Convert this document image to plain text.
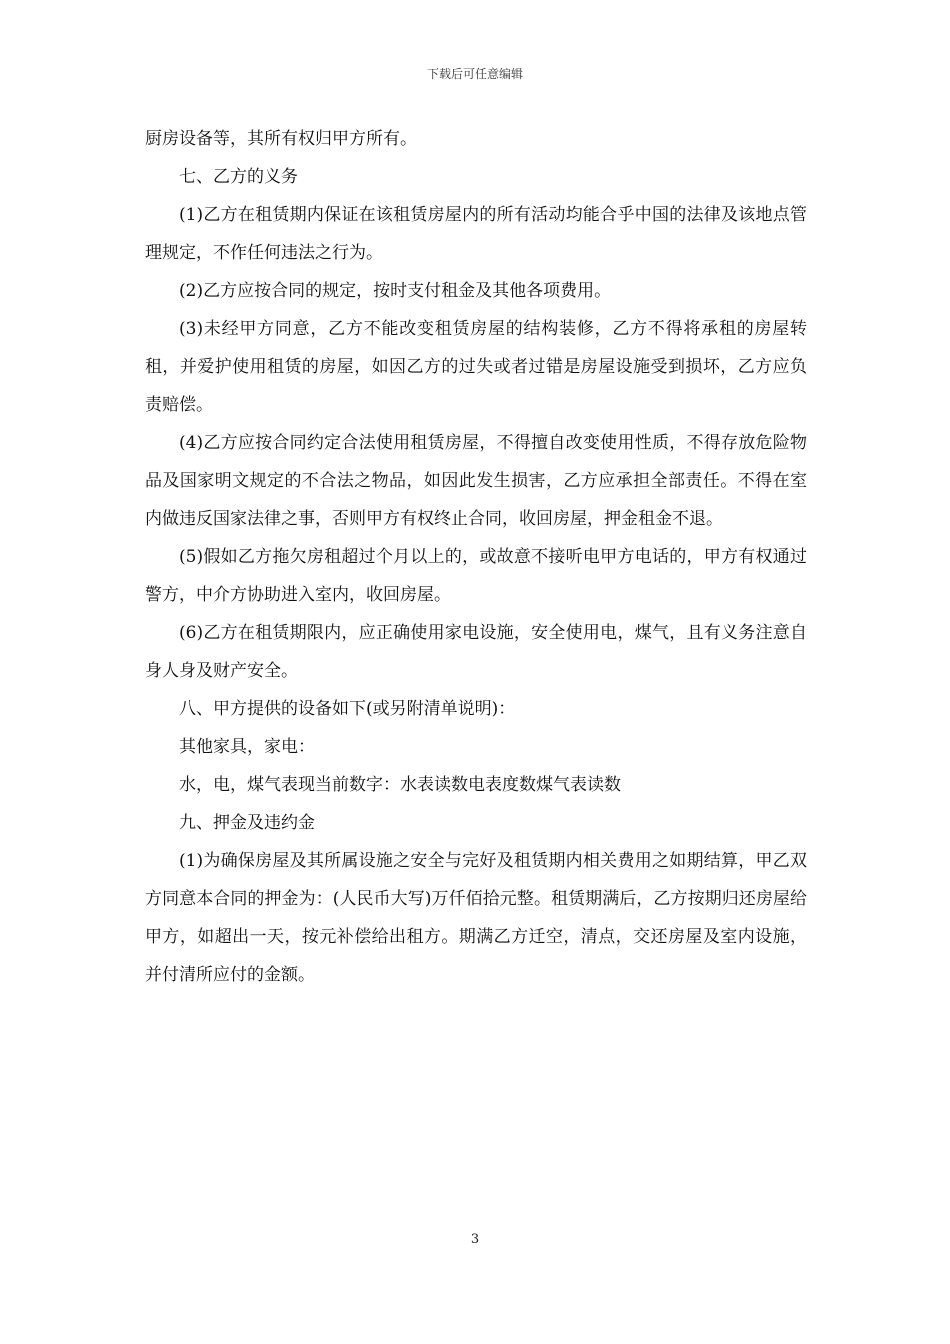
下载后可任意编辑

厨房设备等，其所有权归甲方所有。

七、乙方的义务

(1)乙方在租赁期内保证在该租赁房屋内的所有活动均能合乎中国的法律及该地点管理规定，不作任何违法之行为。

(2)乙方应按合同的规定，按时支付租金及其他各项费用。

(3)未经甲方同意，乙方不能改变租赁房屋的结构装修，乙方不得将承租的房屋转租，并爱护使用租赁的房屋，如因乙方的过失或者过错是房屋设施受到损坏，乙方应负责赔偿。

(4)乙方应按合同约定合法使用租赁房屋，不得擅自改变使用性质，不得存放危险物品及国家明文规定的不合法之物品，如因此发生损害，乙方应承担全部责任。不得在室内做违反国家法律之事，否则甲方有权终止合同，收回房屋，押金租金不退。

(5)假如乙方拖欠房租超过个月以上的，或故意不接听电甲方电话的，甲方有权通过警方，中介方协助进入室内，收回房屋。

(6)乙方在租赁期限内，应正确使用家电设施，安全使用电，煤气，且有义务注意自身人身及财产安全。

八、甲方提供的设备如下(或另附清单说明)：

其他家具，家电：

水，电，煤气表现当前数字：水表读数电表度数煤气表读数

九、押金及违约金

(1)为确保房屋及其所属设施之安全与完好及租赁期内相关费用之如期结算，甲乙双方同意本合同的押金为：(人民币大写)万仟佰拾元整。租赁期满后，乙方按期归还房屋给甲方，如超出一天，按元补偿给出租方。期满乙方迁空，清点，交还房屋及室内设施，并付清所应付的金额。

3
